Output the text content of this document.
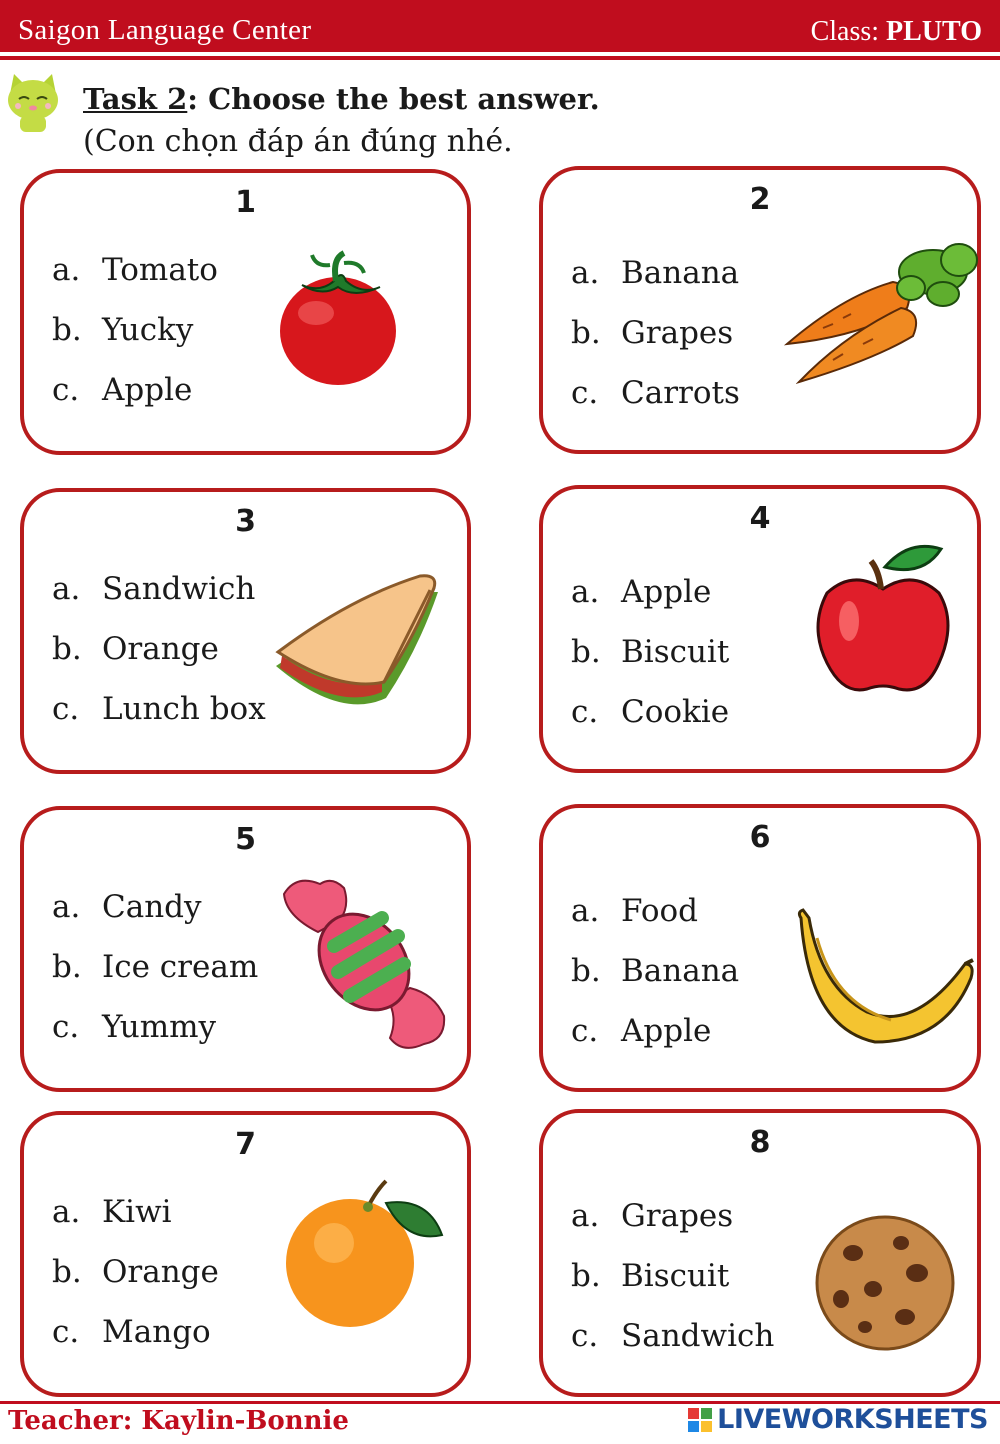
Saigon Language Center	Class: PLUTO
Task 2: Choose the best answer.
(Con chọn đáp án đúng nhé.
1
a. Tomato
b. Yucky
c. Apple
2
a. Banana
b. Grapes
c. Carrots
3
a. Sandwich
b. Orange
c. Lunch box
4
a. Apple
b. Biscuit
c. Cookie
5
a. Candy
b. Ice cream
c. Yummy
6
a. Food
b. Banana
c. Apple
7
a. Kiwi
b. Orange
c. Mango
8
a. Grapes
b. Biscuit
c. Sandwich
Teacher: Kaylin-Bonnie	LIVEWORKSHEETS
